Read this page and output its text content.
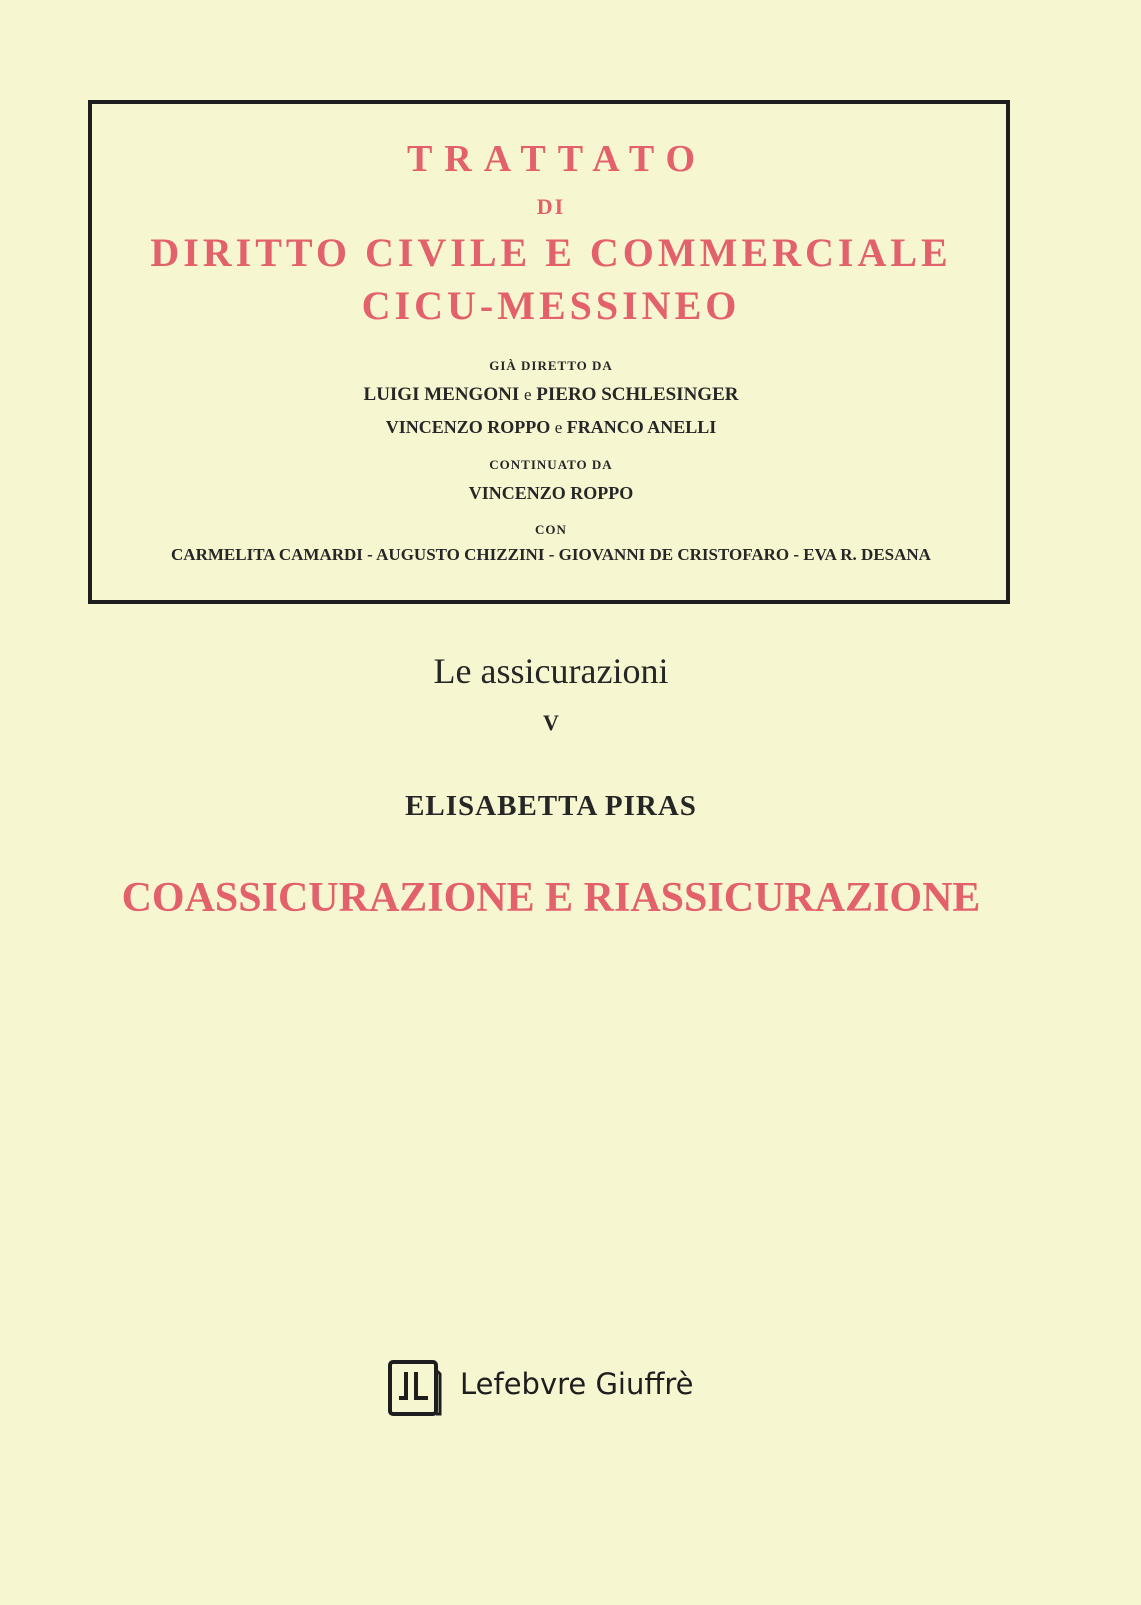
TRATTATO
DI
DIRITTO CIVILE E COMMERCIALE
CICU-MESSINEO
GIÀ DIRETTO DA
LUIGI MENGONI e PIERO SCHLESINGER
VINCENZO ROPPO e FRANCO ANELLI
CONTINUATO DA
VINCENZO ROPPO
CON
CARMELITA CAMARDI - AUGUSTO CHIZZINI - GIOVANNI DE CRISTOFARO - EVA R. DESANA
Le assicurazioni
V
ELISABETTA PIRAS
COASSICURAZIONE E RIASSICURAZIONE
Lefebvre Giuffrè
